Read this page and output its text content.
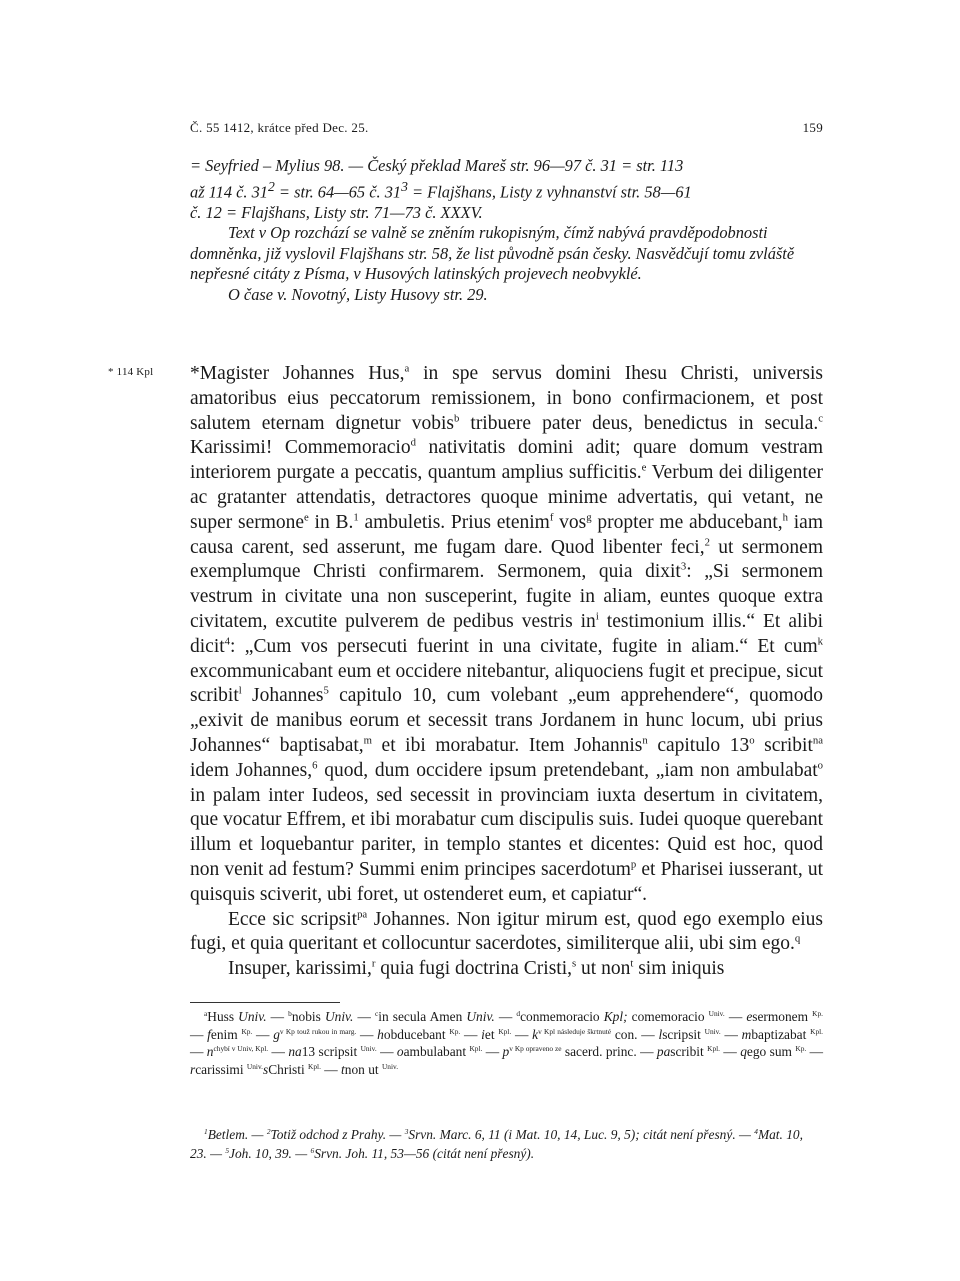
Č. 55 1412, krátce před Dec. 25.	159

= Seyfried – Mylius 98. — Český překlad Mareš str. 96—97 č. 31 = str. 113

až 114 č. $31^2$ = str. 64—65 č. $31^3$ = Flajšhans, Listy z vyhnanství str. 58—61

č. 12 = Flajšhans, Listy str. 71—73 č. XXXV.

Text v Op rozchází se valně se zněním rukopisným, čímž nabývá pravděpodobnosti domněnka, již vyslovil Flajšhans str. 58, že list původně psán česky. Nasvědčují tomu zvláště nepřesné citáty z Písma, v Husových latinských projevech neobvyklé.

O čase v. Novotný, Listy Husovy str. 29.

* 114 Kpl *Magister Johannes Hus,$^a$ in spe servus domini Ihesu Christi, universis amatoribus eius peccatorum remissionem, in bono confirmacionem, et post salutem eternam dignetur vobis$^b$ tribuere pater deus, benedictus in secula.$^c$ Karissimi! Commemoracio$^d$ nativitatis domini adit; quare domum vestram interiorem purgate a peccatis, quantum amplius sufficitis.$^e$ Verbum dei diligenter ac gratanter attendatis, detractores quoque minime advertatis, qui vetant, ne super sermone$^e$ in B.$^1$ ambuletis. Prius etenim$^f$ vos$^g$ propter me abducebant,$^h$ iam causa carent, sed asserunt, me fugam dare. Quod libenter feci,$^2$ ut sermonem exemplumque Christi confirmarem. Sermonem, quia dixit$^3$: „Si sermonem vestrum in civitate una non susceperint, fugite in aliam, euntes quoque extra civitatem, excutite pulverem de pedibus vestris $in^i$ testimonium illis.“ Et alibi dicit$^4$: „Cum vos persecuti fuerint in una civitate, fugite in aliam.“ Et cum$^k$ excommunicabant eum et occidere nitebantur, aliquociens fugit et precipue, sicut scribit$^l$ Johannes$^5$ capitulo 10, cum volebant „eum apprehendere“, quomodo „exivit de manibus eorum et secessit trans Jordanem in hunc locum, ubi prius Johannes“ baptisabat,$^m$ et ibi morabatur. Item Johannis$^n$ capitulo 13$^o$ scribit$^{na}$ idem Johannes,$^6$ quod, dum occidere ipsum pretendebant, „iam non ambulabat$^o$ in palam inter Iudeos, sed secessit in provinciam iuxta desertum in civitatem, que vocatur Effrem, et ibi morabatur cum discipulis suis. Iudei quoque querebant illum et loquebantur pariter, in templo stantes et dicentes: Quid est hoc, quod non venit ad festum? Summi enim principes sacerdotum$^p$ et Pharisei iusserant, ut quisquis sciverit, ubi foret, ut ostenderet eum, et capiatur“.

Ecce sic scripsit$^{pa}$ Johannes. Non igitur mirum est, quod ego exemplo eius fugi, et quia queritant et collocuntur sacerdotes, similiterque alii, ubi sim ego.$^q$

Insuper, karissimi,$^r$ quia fugi doctrina Cristi,$^s$ ut non$^t$ sim iniquis

$^a$Huss Univ. — $^b$nobis Univ. — $^c$in secula Amen Univ. — $^d$conmemoracio Kpl; comemoracio $^{Univ.}$ — esermonem $^{Kp.}$ — fenim $^{Kp.}$ — $g^{v Kp touž rukou in marg.}$ — hobducebant $^{Kp.}$ — iet $^{Kpl.}$ — $k^{v Kpl následuje škrtnuté}$ con. — lscripsit $^{Univ.}$ — mbaptizabat $^{Kpl.}$ — $n^{chybí v Univ, Kpl.}$ — na13 scripsit $^{Univ.}$ — oambulabant $^{Kpl.}$ — $p^{v Kp opraveno ze}$ sacerd. princ. — pascribit $^{Kpl.}$ — qego sum $^{Kp.}$ — rcarissimi $^{Univ.}$sChristi $^{Kpl.}$ — tnon ut $^{Univ.}$

$^1$Betlem. — $^2$Totiž odchod z Prahy. — $^3$Srvn. Marc. 6, 11 (i Mat. 10, 14, Luc. 9, 5); citát není přesný. — $^4$Mat. 10, 23. — $^5$Joh. 10, 39. — $^6$Srvn. Joh. 11, 53—56 (citát není přesný).
